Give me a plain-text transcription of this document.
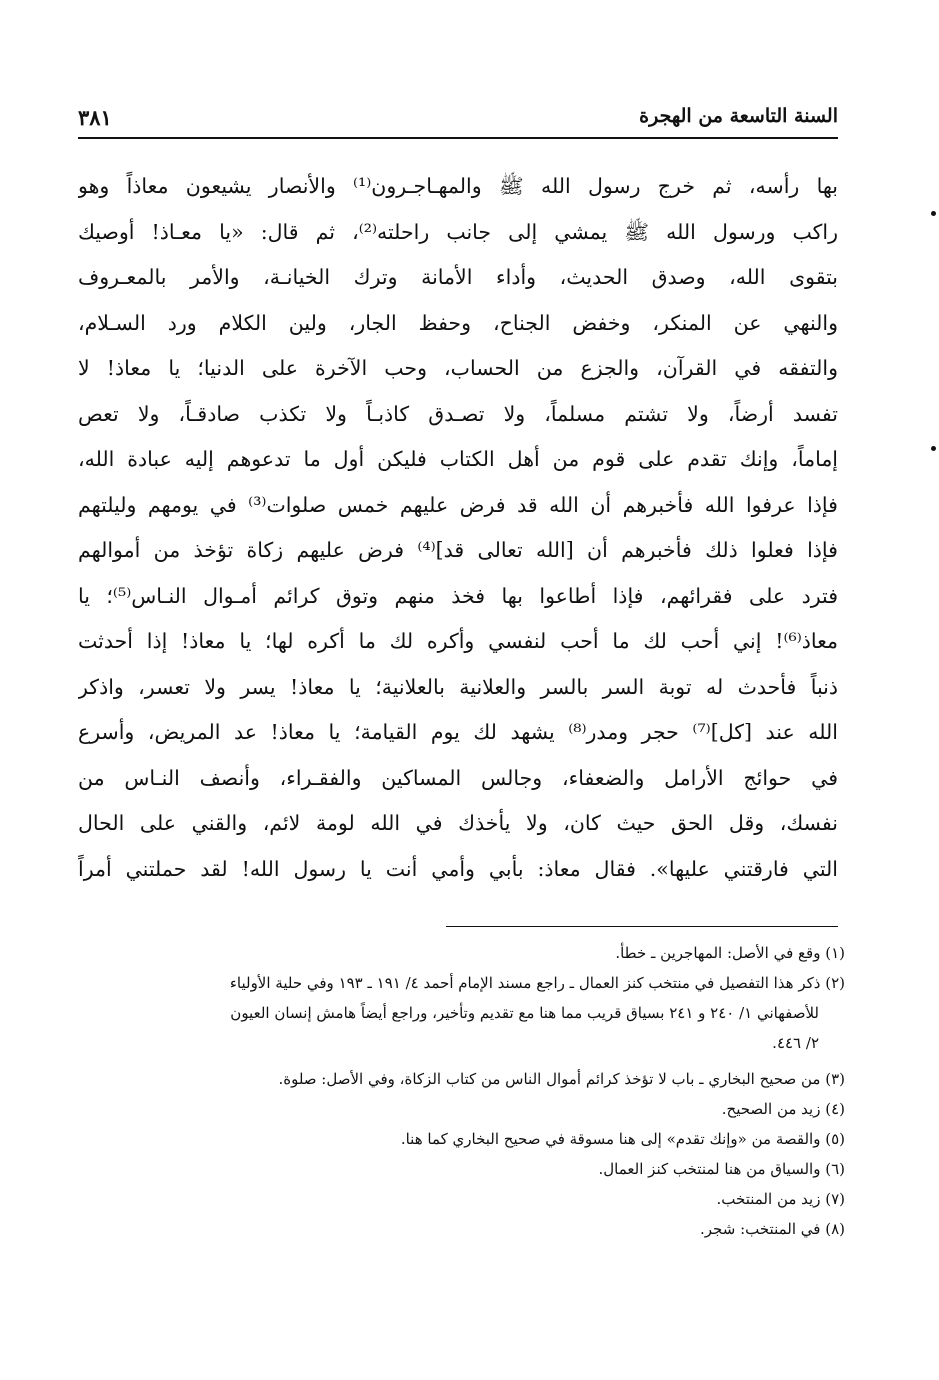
السنة التاسعة من الهجرة
٣٨١
بها رأسه، ثم خرج رسول الله ﷺ والمهـاجـرون⁽¹⁾ والأنصار يشيعون معاذاً وهو
راكب ورسول الله ﷺ يمشي إلى جانب راحلته⁽²⁾، ثم قال: «يا معـاذ! أوصيك
بتقوى الله، وصدق الحديث، وأداء الأمانة وترك الخيانـة، والأمر بالمعـروف
والنهي عن المنكر، وخفض الجناح، وحفظ الجار، ولين الكلام ورد السـلام،
والتفقه في القرآن، والجزع من الحساب، وحب الآخرة على الدنيا؛ يا معاذ! لا
تفسد أرضاً، ولا تشتم مسلماً، ولا تصـدق كاذبـاً ولا تكذب صادقـاً، ولا تعص
إماماً، وإنك تقدم على قوم من أهل الكتاب فليكن أول ما تدعوهم إليه عبادة الله،
فإذا عرفوا الله فأخبرهم أن الله قد فرض عليهم خمس صلوات⁽³⁾ في يومهم وليلتهم
فإذا فعلوا ذلك فأخبرهم أن [الله تعالى قد]⁽⁴⁾ فرض عليهم زكاة تؤخذ من أموالهم
فترد على فقرائهم، فإذا أطاعوا بها فخذ منهم وتوق كرائم أمـوال النـاس⁽⁵⁾؛ يا
معاذ⁽⁶⁾! إني أحب لك ما أحب لنفسي وأكره لك ما أكره لها؛ يا معاذ! إذا أحدثت
ذنباً فأحدث له توبة السر بالسر والعلانية بالعلانية؛ يا معاذ! يسر ولا تعسر، واذكر
الله عند [كل]⁽⁷⁾ حجر ومدر⁽⁸⁾ يشهد لك يوم القيامة؛ يا معاذ! عد المريض، وأسرع
في حوائج الأرامل والضعفاء، وجالس المساكين والفقـراء، وأنصف النـاس من
نفسك، وقل الحق حيث كان، ولا يأخذك في الله لومة لائم، والقني على الحال
التي فارقتني عليها». فقال معاذ: بأبي وأمي أنت يا رسول الله! لقد حملتني أمراً
(١) وقع في الأصل: المهاجرين ـ خطأ.
(٢) ذكر هذا التفصيل في منتخب كنز العمال ـ راجع مسند الإمام أحمد ٤/ ١٩١ ـ ١٩٣ وفي حلية الأولياء
للأصفهاني ١/ ٢٤٠ و ٢٤١ بسياق قريب مما هنا مع تقديم وتأخير، وراجع أيضاً هامش إنسان العيون
٢/ ٤٤٦.
(٣) من صحيح البخاري ـ باب لا تؤخذ كرائم أموال الناس من كتاب الزكاة، وفي الأصل: صلوة.
(٤) زيد من الصحيح.
(٥) والقصة من «وإنك تقدم» إلى هنا مسوقة في صحيح البخاري كما هنا.
(٦) والسياق من هنا لمنتخب كنز العمال.
(٧) زيد من المنتخب.
(٨) في المنتخب: شجر.
